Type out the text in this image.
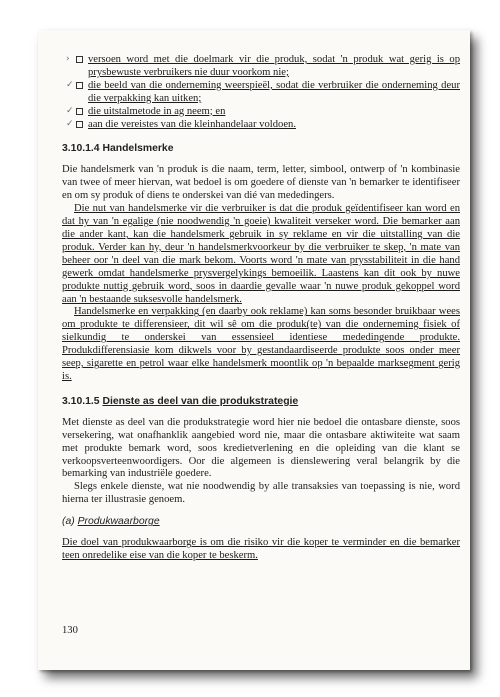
› versoen word met die doelmark vir die produk, sodat 'n produk wat gerig is op prysbewuste verbruikers nie duur voorkom nie;

✓ die beeld van die onderneming weerspieël, sodat die verbruiker die onderneming deur die verpakking kan uitken;

✓ die uitstalmetode in ag neem; en

✓ aan die vereistes van die kleinhandelaar voldoen.

3.10.1.4 Handelsmerke

Die handelsmerk van 'n produk is die naam, term, letter, simbool, ontwerp of 'n kombinasie van twee of meer hiervan, wat bedoel is om goedere of dienste van 'n bemarker te identifiseer en om sy produk of diens te onderskei van dié van mededingers.

Die nut van handelsmerke vir die verbruiker is dat die produk geïdentifiseer kan word en dat hy van 'n egalige (nie noodwendig 'n goeie) kwaliteit verseker word. Die bemarker aan die ander kant, kan die handelsmerk gebruik in sy reklame en vir die uitstalling van die produk. Verder kan hy, deur 'n handelsmerkvoorkeur by die verbruiker te skep, 'n mate van beheer oor 'n deel van die mark bekom. Voorts word 'n mate van prysstabiliteit in die hand gewerk omdat handelsmerke prysvergelykings bemoeilik. Laastens kan dit ook by nuwe produkte nuttig gebruik word, soos in daardie gevalle waar 'n nuwe produk gekoppel word aan 'n bestaande suksesvolle handelsmerk.

Handelsmerke en verpakking (en daarby ook reklame) kan soms besonder bruikbaar wees om produkte te differensieer, dit wil sê om die produk(te) van die onderneming fisiek of sielkundig te onderskei van essensieel identiese mededingende produkte. Produkdifferensiasie kom dikwels voor by gestandaardiseerde produkte soos onder meer seep, sigarette en petrol waar elke handelsmerk moontlik op 'n bepaalde marksegment gerig is.

3.10.1.5 Dienste as deel van die produkstrategie

Met dienste as deel van die produkstrategie word hier nie bedoel die ontasbare dienste, soos versekering, wat onafhanklik aangebied word nie, maar die ontasbare aktiwiteite wat saam met produkte bemark word, soos kredietverlening en die opleiding van die klant se verkoopsverteenwoordigers. Oor die algemeen is dienslewering veral belangrik by die bemarking van industriële goedere.

Slegs enkele dienste, wat nie noodwendig by alle transaksies van toepassing is nie, word hierna ter illustrasie genoem.

(a) Produkwaarborge

Die doel van produkwaarborge is om die risiko vir die koper te verminder en die bemarker teen onredelike eise van die koper te beskerm.

130
